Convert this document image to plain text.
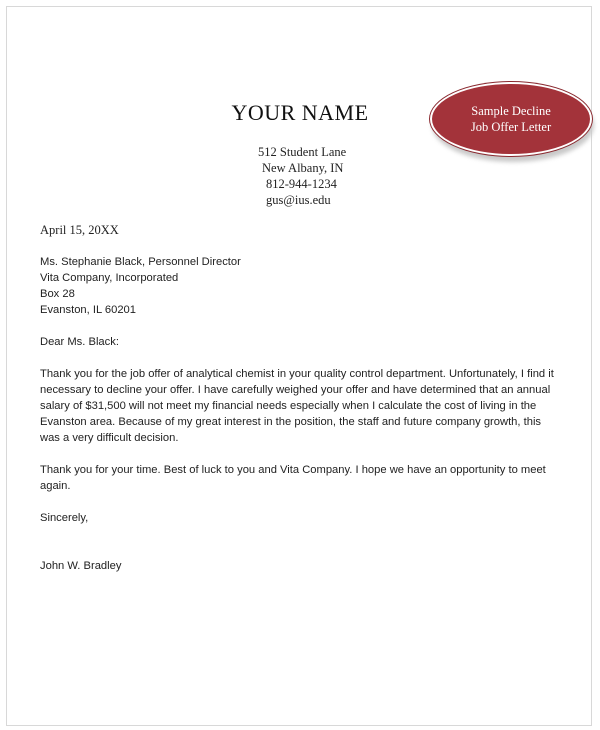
YOUR NAME
512 Student Lane
New Albany, IN
812-944-1234
gus@ius.edu
Sample Decline
Job Offer Letter
April 15, 20XX
Ms. Stephanie Black, Personnel Director
Vita Company, Incorporated
Box 28
Evanston, IL 60201
Dear Ms. Black:

Thank you for the job offer of analytical chemist in your quality control department. Unfortunately, I find it necessary to decline your offer. I have carefully weighed your offer and have determined that an annual salary of $31,500 will not meet my financial needs especially when I calculate the cost of living in the Evanston area. Because of my great interest in the position, the staff and future company growth, this was a very difficult decision.

Thank you for your time. Best of luck to you and Vita Company. I hope we have an opportunity to meet again.

Sincerely,
John W. Bradley
